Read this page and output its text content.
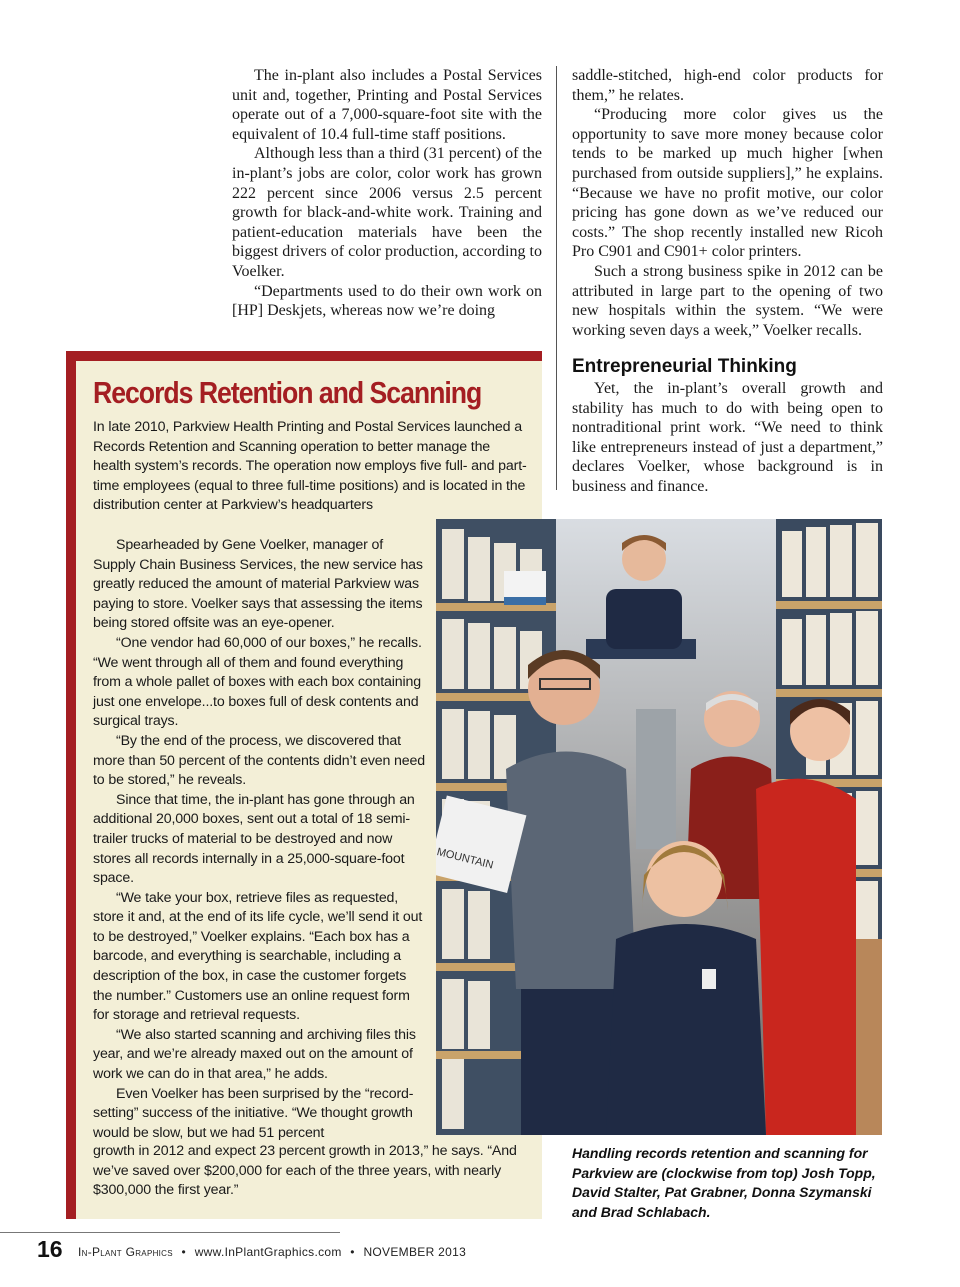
The in-plant also includes a Postal Services unit and, together, Printing and Postal Services operate out of a 7,000-square-foot site with the equivalent of 10.4 full-time staff positions.

Although less than a third (31 percent) of the in-plant’s jobs are color, color work has grown 222 percent since 2006 versus 2.5 percent growth for black-and-white work. Training and patient-education materials have been the biggest drivers of color production, according to Voelker.

“Departments used to do their own work on [HP] Deskjets, whereas now we’re doing

saddle-stitched, high-end color products for them,” he relates.

“Producing more color gives us the opportunity to save more money because color tends to be marked up much higher [when purchased from outside suppliers],” he explains. “Because we have no profit motive, our color pricing has gone down as we’ve reduced our costs.” The shop recently installed new Ricoh Pro C901 and C901+ color printers.

Such a strong business spike in 2012 can be attributed in large part to the opening of two new hospitals within the system. “We were working seven days a week,” Voelker recalls.

Entrepreneurial Thinking

Yet, the in-plant’s overall growth and stability has much to do with being open to nontraditional print work. “We need to think like entrepreneurs instead of just a department,” declares Voelker, whose background is in business and finance.

Records Retention and Scanning

In late 2010, Parkview Health Printing and Postal Services launched a Records Retention and Scanning operation to better manage the health system’s records. The operation now employs five full- and part-time employees (equal to three full-time positions) and is located in the distribution center at Parkview’s headquarters

Spearheaded by Gene Voelker, manager of Supply Chain Business Services, the new service has greatly reduced the amount of material Parkview was paying to store. Voelker says that assessing the items being stored offsite was an eye-opener.

“One vendor had 60,000 of our boxes,” he recalls. “We went through all of them and found everything from a whole pallet of boxes with each box containing just one envelope...to boxes full of desk contents and surgical trays.

“By the end of the process, we discovered that more than 50 percent of the contents didn’t even need to be stored,” he reveals.

Since that time, the in-plant has gone through an additional 20,000 boxes, sent out a total of 18 semi-trailer trucks of material to be destroyed and now stores all records internally in a 25,000-square-foot space.

“We take your box, retrieve files as requested, store it and, at the end of its life cycle, we’ll send it out to be destroyed,” Voelker explains. “Each box has a barcode, and everything is searchable, including a description of the box, in case the customer forgets the number.” Customers use an online request form for storage and retrieval requests.

“We also started scanning and archiving files this year, and we’re already maxed out on the amount of work we can do in that area,” he adds.

Even Voelker has been surprised by the “record-setting” success of the initiative. “We thought growth would be slow, but we had 51 percent

growth in 2012 and expect 23 percent growth in 2013,” he says. “And we’ve saved over $200,000 for each of the three years, with nearly $300,000 the first year.”

MOUNTAIN
Handling records retention and scanning for Parkview are (clockwise from top) Josh Topp, David Stalter, Pat Grabner, Donna Szymanski and Brad Schlabach.
16 In-Plant Graphics • www.InPlantGraphics.com • NOVEMBER 2013
